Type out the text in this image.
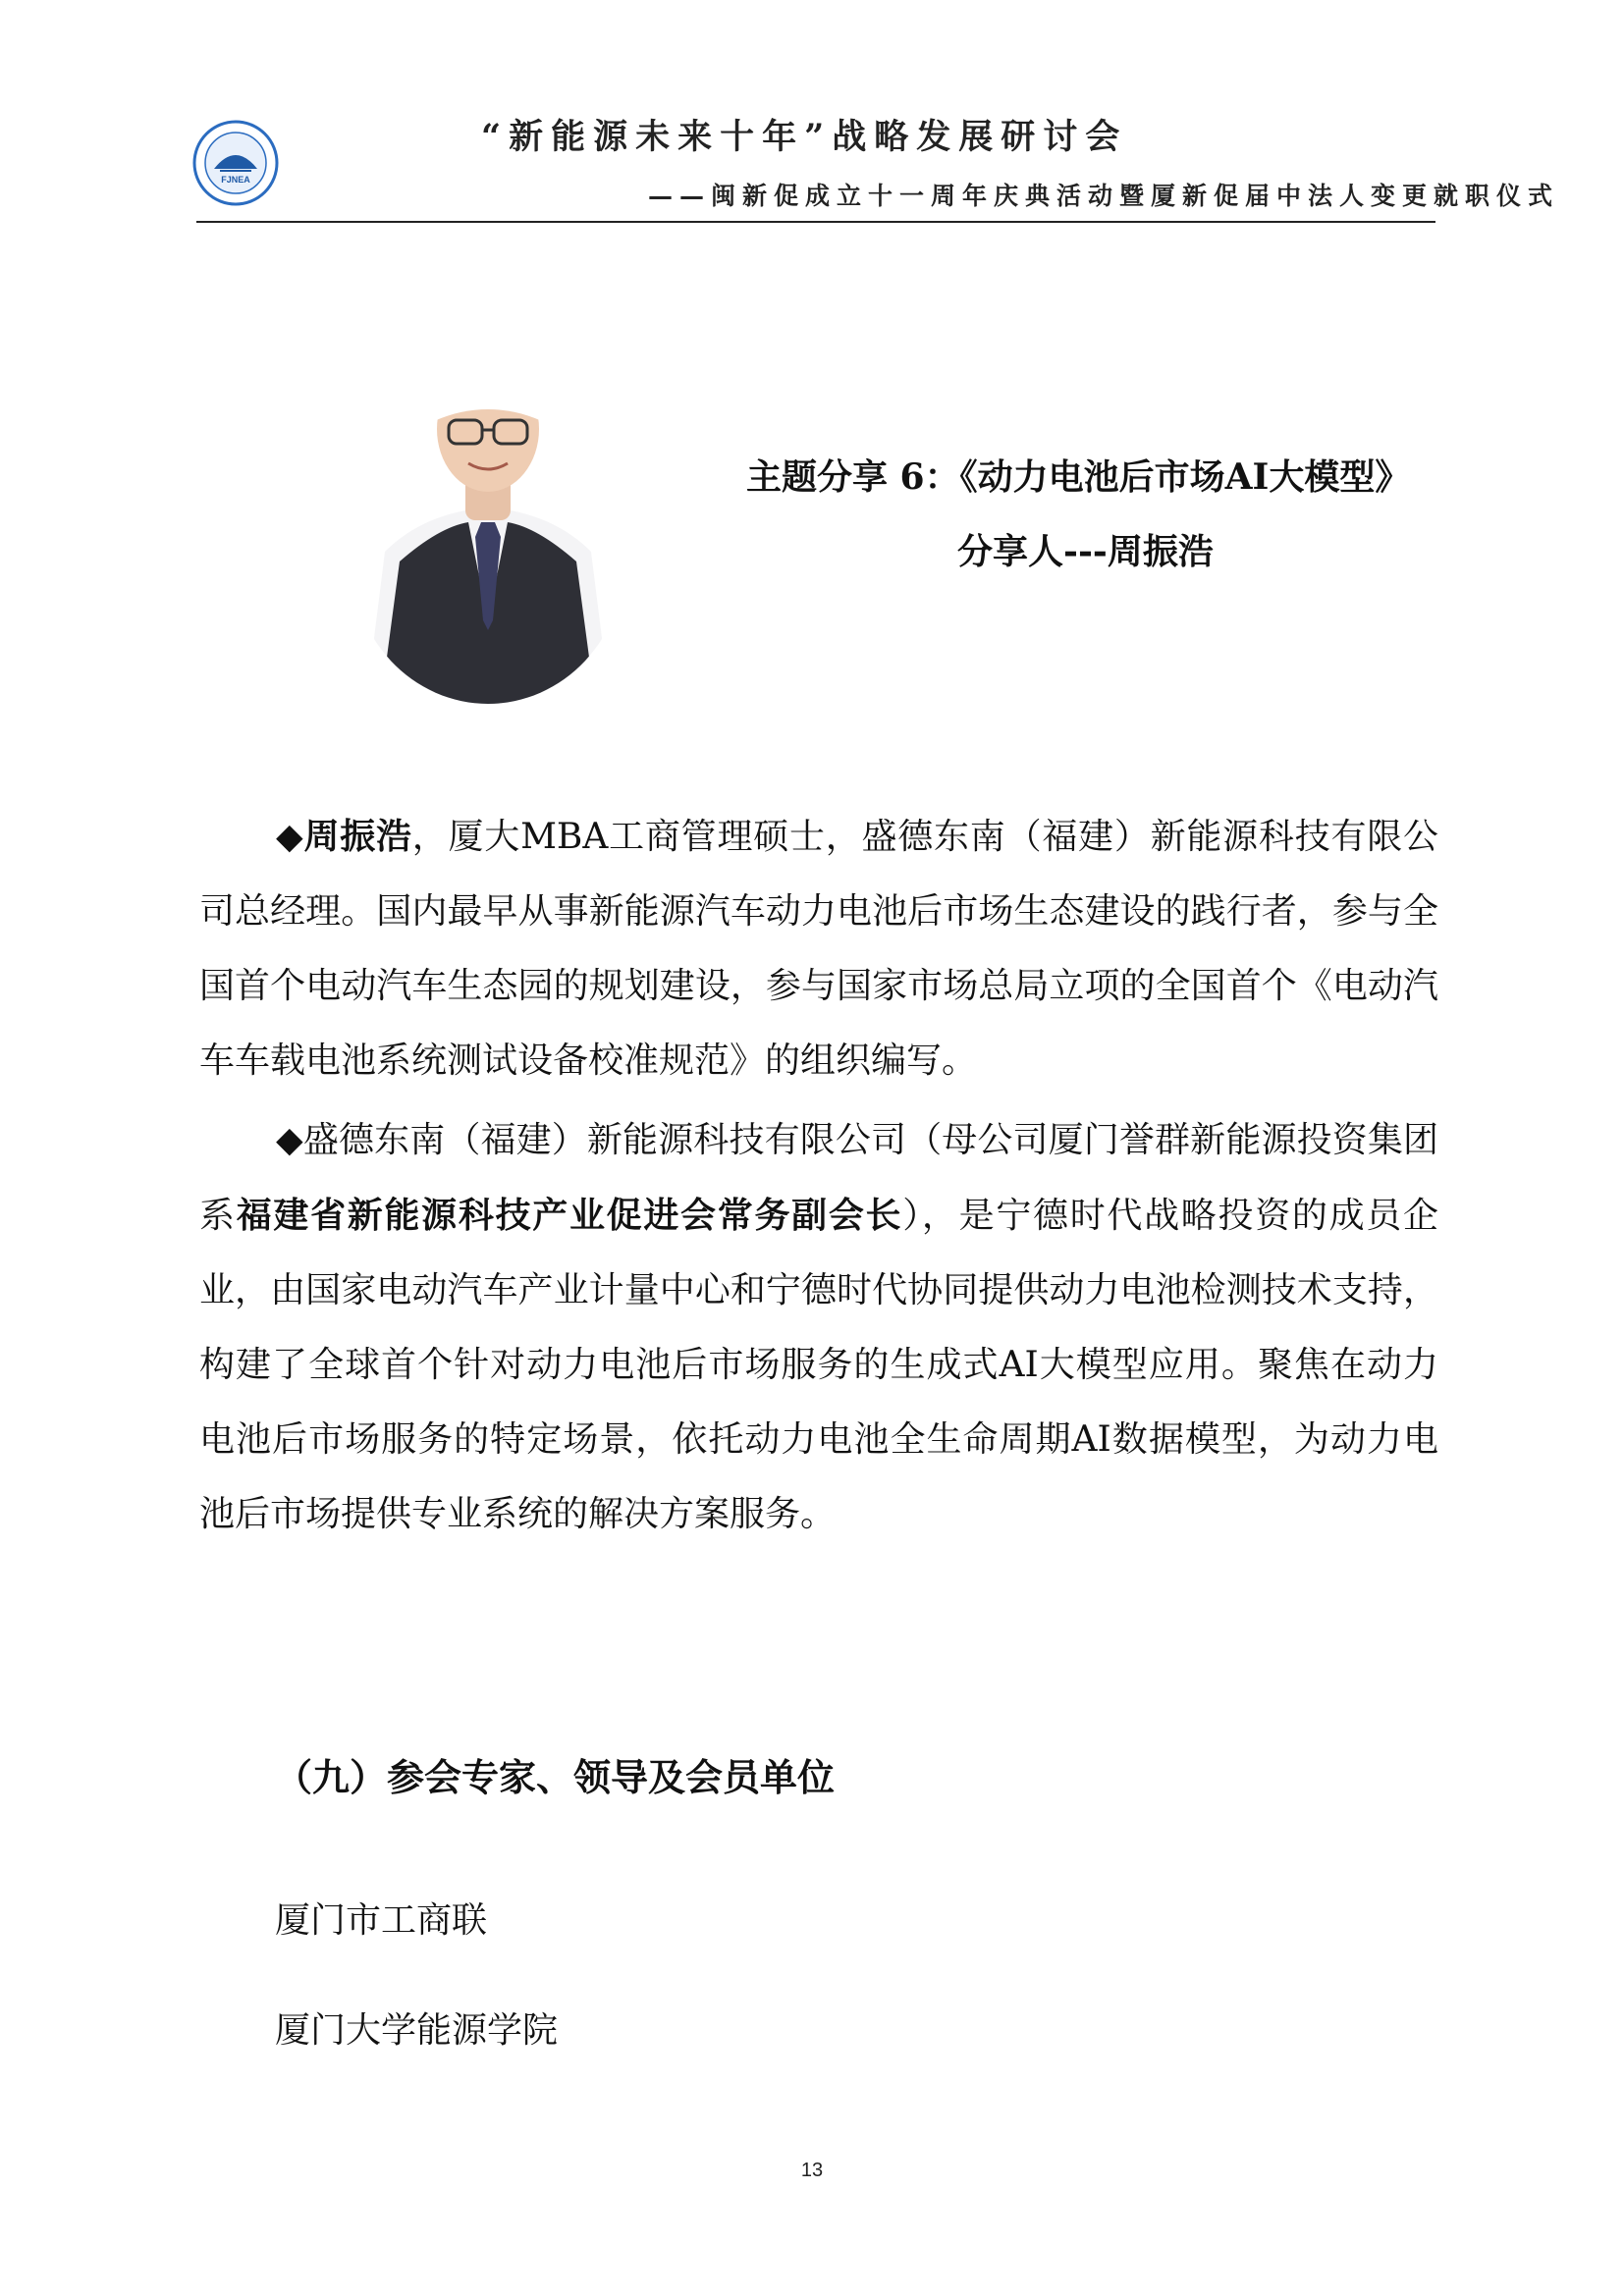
FJNEA
“新能源未来十年”战略发展研讨会
——闽新促成立十一周年庆典活动暨厦新促届中法人变更就职仪式
主题分享 6：《动力电池后市场AI大模型》
分享人---周振浩
◆周振浩，厦大MBA工商管理硕士，盛德东南（福建）新能源科技有限公司总经理。国内最早从事新能源汽车动力电池后市场生态建设的践行者，参与全国首个电动汽车生态园的规划建设，参与国家市场总局立项的全国首个《电动汽车车载电池系统测试设备校准规范》的组织编写。
◆盛德东南（福建）新能源科技有限公司（母公司厦门誉群新能源投资集团系福建省新能源科技产业促进会常务副会长），是宁德时代战略投资的成员企业，由国家电动汽车产业计量中心和宁德时代协同提供动力电池检测技术支持，构建了全球首个针对动力电池后市场服务的生成式AI大模型应用。聚焦在动力电池后市场服务的特定场景，依托动力电池全生命周期AI数据模型，为动力电池后市场提供专业系统的解决方案服务。
（九）参会专家、领导及会员单位
厦门市工商联
厦门大学能源学院
13
